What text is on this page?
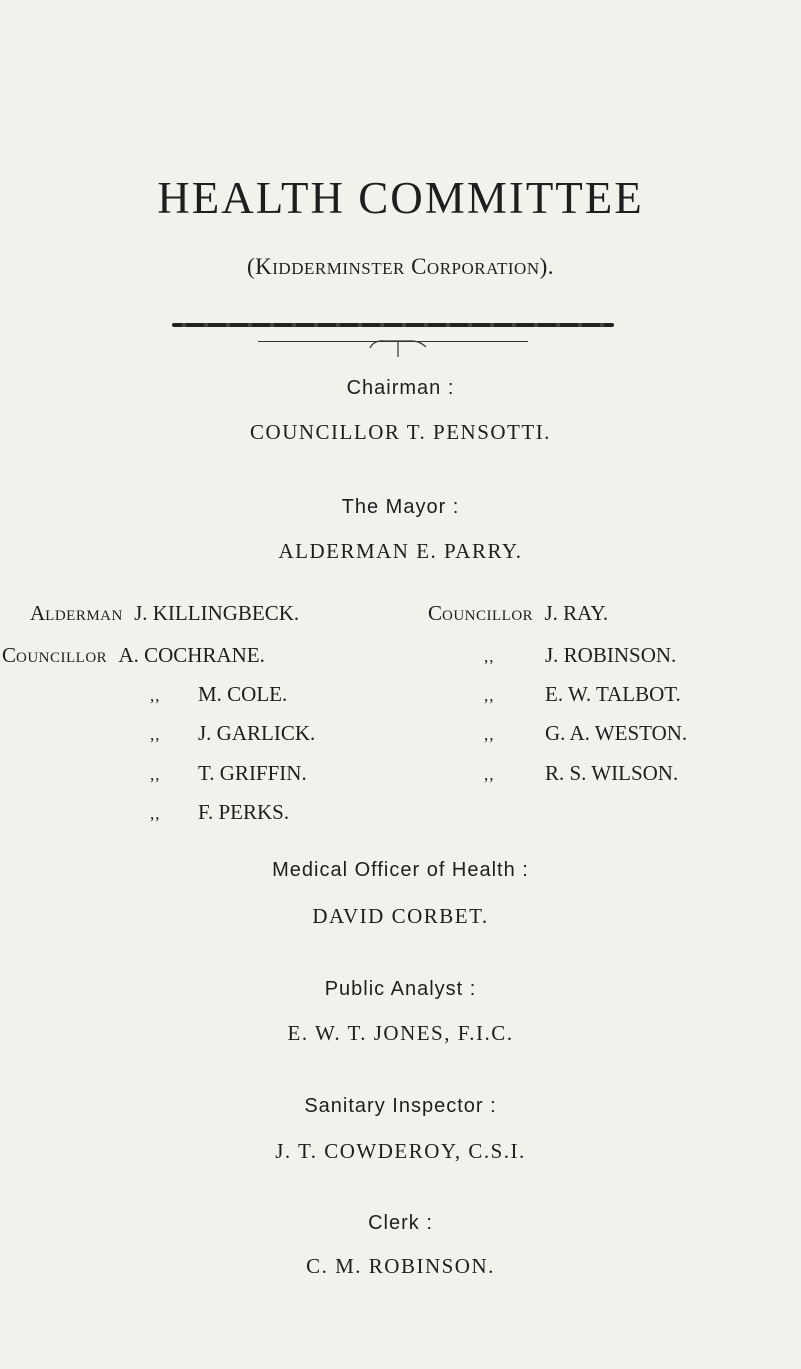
HEALTH COMMITTEE
(KIDDERMINSTER CORPORATION).
Chairman :
COUNCILLOR T. PENSOTTI.
The Mayor :
ALDERMAN E. PARRY.
ALDERMAN J. KILLINGBECK.
COUNCILLOR A. COCHRANE.
,, M. COLE.
,, J. GARLICK.
,, T. GRIFFIN.
,, F. PERKS.
COUNCILLOR J. RAY.
,, J. ROBINSON.
,, E. W. TALBOT.
,, G. A. WESTON.
,, R. S. WILSON.
Medical Officer of Health :
DAVID CORBET.
Public Analyst :
E. W. T. JONES, F.I.C.
Sanitary Inspector :
J. T. COWDEROY, C.S.I.
Clerk :
C. M. ROBINSON.
